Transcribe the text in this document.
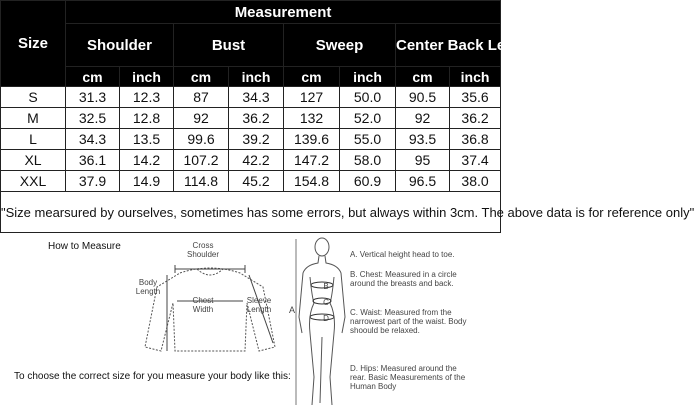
Size	Measurement							
	Shoulder		Bust		Sweep		Center Back Length	
	cm	inch	cm	inch	cm	inch	cm	inch
S	31.3	12.3	87	34.3	127	50.0	90.5	35.6
M	32.5	12.8	92	36.2	132	52.0	92	36.2
L	34.3	13.5	99.6	39.2	139.6	55.0	93.5	36.8
XL	36.1	14.2	107.2	42.2	147.2	58.0	95	37.4
XXL	37.9	14.9	114.8	45.2	154.8	60.9	96.5	38.0
"Size mearsured by ourselves, sometimes has some errors, but always within 3cm. The above data is for reference only"								
How to Measure	Cross Shoulder
Body Length
Chest Width
Sleeve Length
To choose the correct size for you measure your body like this:
A
B
C
D
A. Vertical height head to toe.
B. Chest: Measured in a circle around the breasts and back.
C. Waist: Measured from the narrowest part of the waist. Body shoould be relaxed.
D. Hips: Measured around the rear. Basic Measurements of the Human Body
